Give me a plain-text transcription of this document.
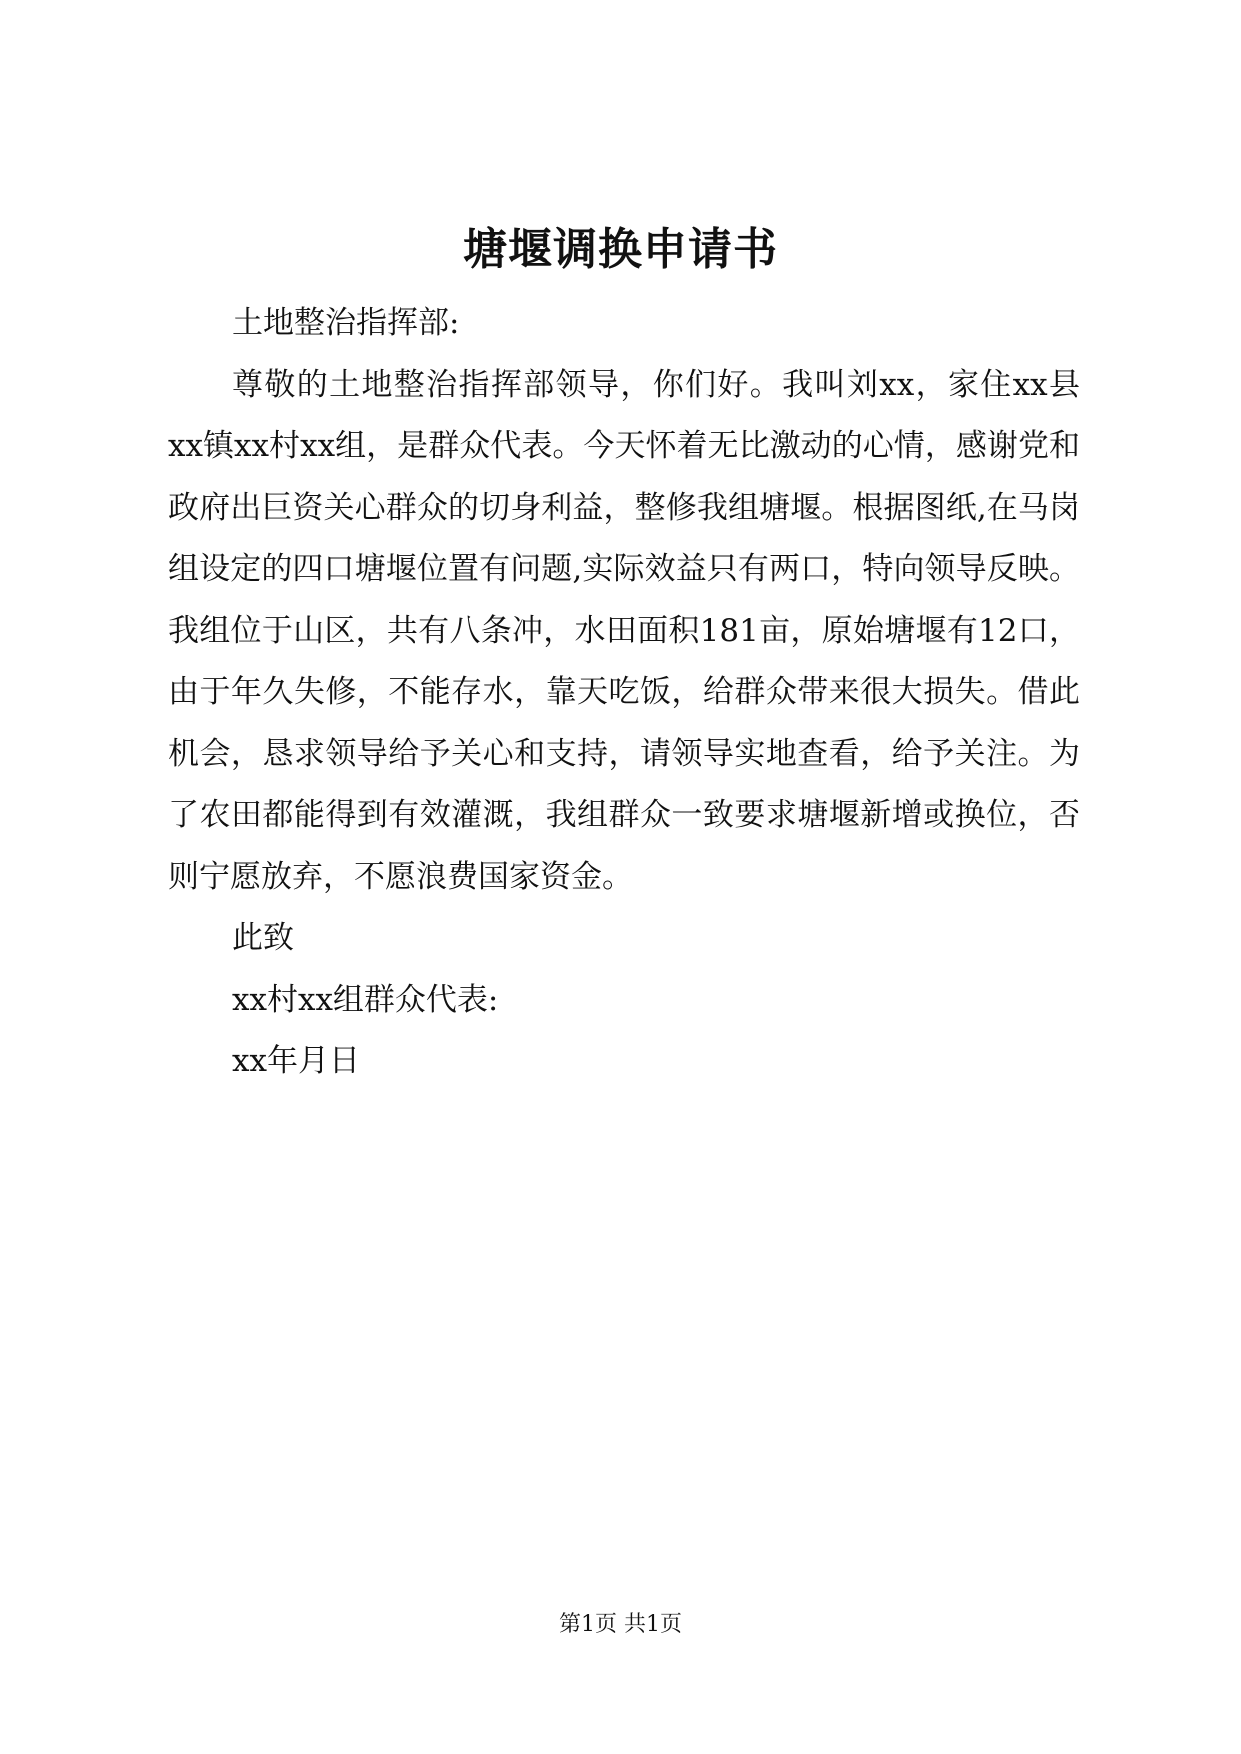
塘堰调换申请书

土地整治指挥部:

尊敬的土地整治指挥部领导，你们好。我叫刘xx，家住xx县xx镇xx村xx组，是群众代表。今天怀着无比激动的心情，感谢党和政府出巨资关心群众的切身利益，整修我组塘堰。根据图纸,在马岗组设定的四口塘堰位置有问题,实际效益只有两口，特向领导反映。我组位于山区，共有八条冲，水田面积181亩，原始塘堰有12口，由于年久失修，不能存水，靠天吃饭，给群众带来很大损失。借此机会，恳求领导给予关心和支持，请领导实地查看，给予关注。为了农田都能得到有效灌溉，我组群众一致要求塘堰新增或换位，否则宁愿放弃，不愿浪费国家资金。

此致

xx村xx组群众代表:

xx年月日

第1页 共1页
